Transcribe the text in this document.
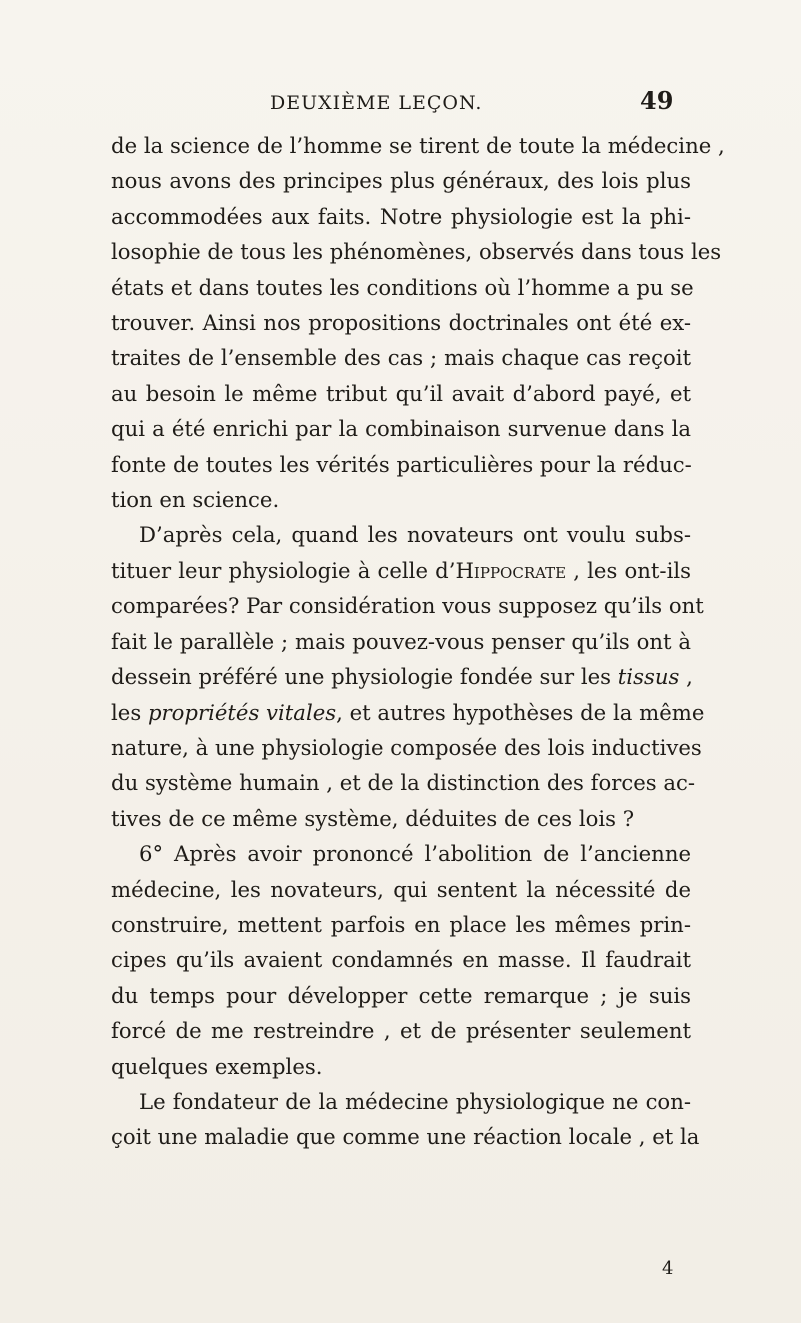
DEUXIÈME LEÇON.	49
de la science de l’homme se tirent de toute la médecine ,
nous avons des principes plus généraux, des lois plus
accommodées aux faits. Notre physiologie est la phi-
losophie de tous les phénomènes, observés dans tous les
états et dans toutes les conditions où l’homme a pu se
trouver. Ainsi nos propositions doctrinales ont été ex-
traites de l’ensemble des cas ; mais chaque cas reçoit
au besoin le même tribut qu’il avait d’abord payé, et
qui a été enrichi par la combinaison survenue dans la
fonte de toutes les vérités particulières pour la réduc-
tion en science.
D’après cela, quand les novateurs ont voulu subs-
tituer leur physiologie à celle d’Hippocrate , les ont-ils
comparées? Par considération vous supposez qu’ils ont
fait le parallèle ; mais pouvez-vous penser qu’ils ont à
dessein préféré une physiologie fondée sur les tissus ,
les propriétés vitales, et autres hypothèses de la même
nature, à une physiologie composée des lois inductives
du système humain , et de la distinction des forces ac-
tives de ce même système, déduites de ces lois ?
6° Après avoir prononcé l’abolition de l’ancienne
médecine, les novateurs, qui sentent la nécessité de
construire, mettent parfois en place les mêmes prin-
cipes qu’ils avaient condamnés en masse. Il faudrait
du temps pour développer cette remarque ; je suis
forcé de me restreindre , et de présenter seulement
quelques exemples.
Le fondateur de la médecine physiologique ne con-
çoit une maladie que comme une réaction locale , et la
4
